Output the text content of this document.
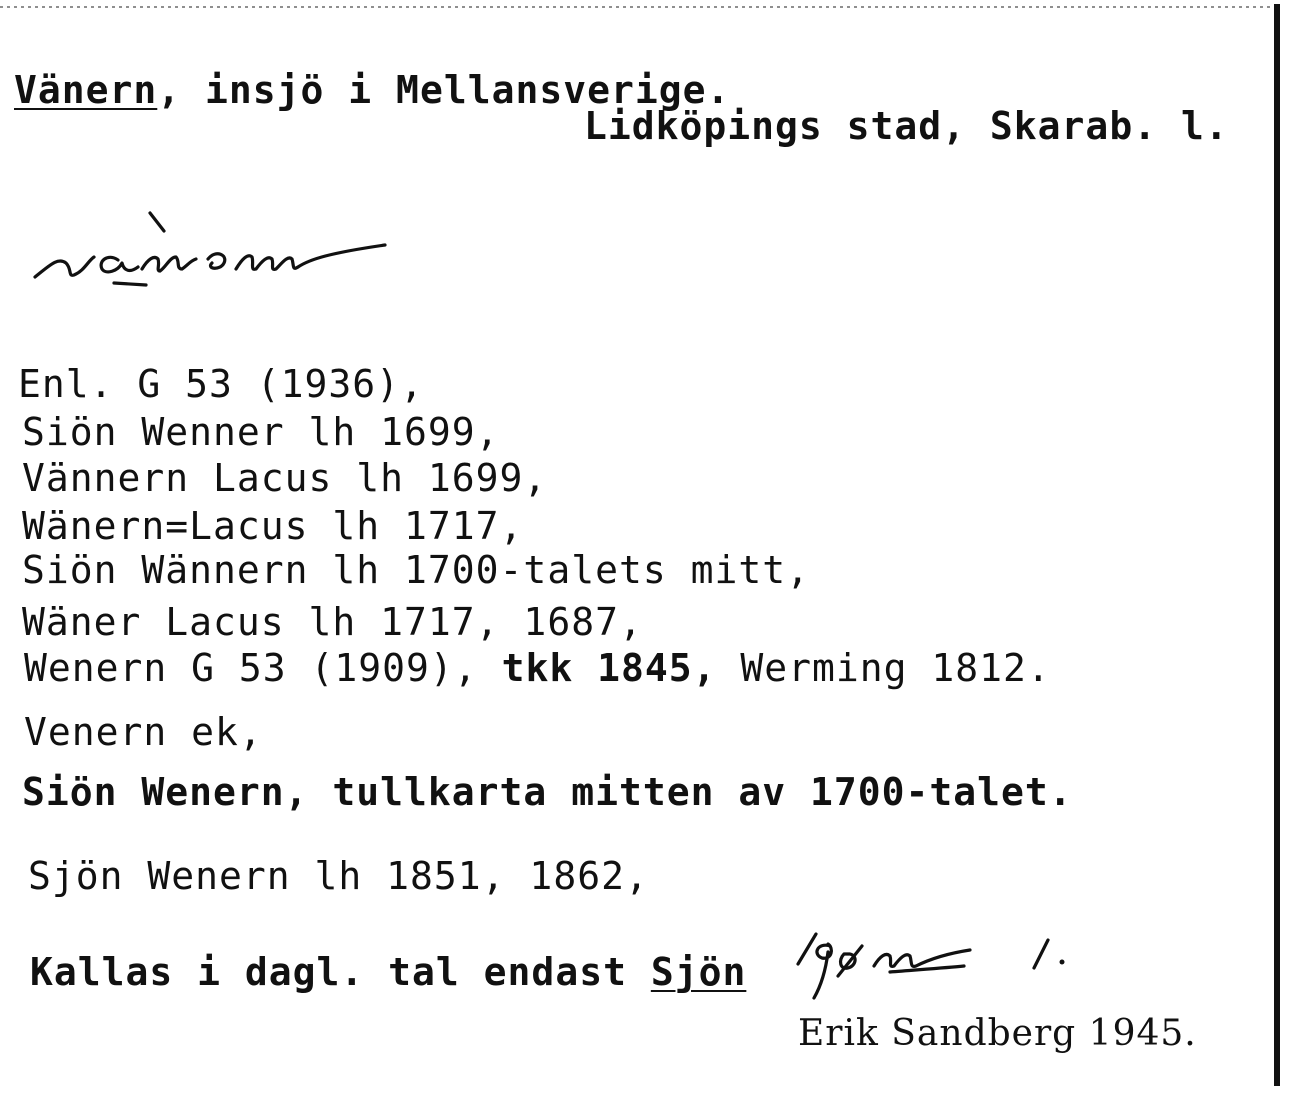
Vänern, insjö i Mellansverige.
Lidköpings stad, Skarab. l.
Enl. G 53 (1936),
Siön Wenner lh 1699,
Vännern Lacus lh 1699,
Wänern=Lacus lh 1717,
Siön Wännern lh 1700-talets mitt,
Wäner Lacus lh 1717, 1687,
Wenern G 53 (1909), tkk 1845, Werming 1812.
Venern ek,
Siön Wenern, tullkarta mitten av 1700-talet.
Sjön Wenern lh 1851, 1862,
Kallas i dagl. tal endast Sjön
Erik Sandberg 1945.
